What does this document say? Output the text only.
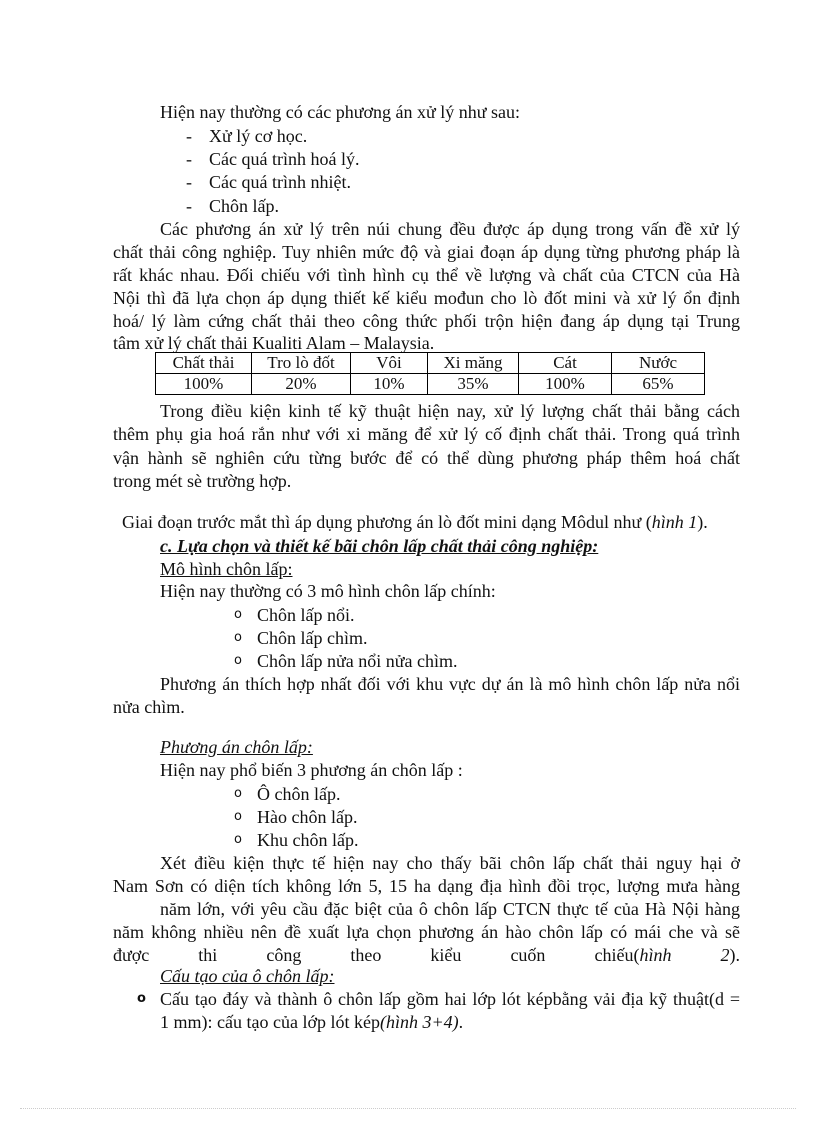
Hiện nay thường có các phương án xử lý như sau:
- Xử lý cơ học.
- Các quá trình hoá lý.
- Các quá trình nhiệt.
- Chôn lấp.
Các phương án xử lý trên núi chung đều được áp dụng trong vấn đề xử lý
chất thải công nghiệp. Tuy nhiên mức độ và giai đoạn áp dụng từng phương pháp là
rất khác nhau. Đối chiếu với tình hình cụ thể về lượng và chất của CTCN của Hà
Nội thì đã lựa chọn áp dụng thiết kế kiểu mođun cho lò đốt mini và xử lý ổn định
hoá/ lý làm cứng chất thải theo công thức phối trộn hiện đang áp dụng tại Trung
tâm xử lý chất thải Kualiti Alam – Malaysia.
Chất thải	Tro lò đốt	Vôi	Xi măng	Cát	Nước
100%	20%	10%	35%	100%	65%
Trong điều kiện kinh tế kỹ thuật hiện nay, xử lý lượng chất thải bằng cách
thêm phụ gia hoá rắn như với xi măng để xử lý cố định chất thải. Trong quá trình
vận hành sẽ nghiên cứu từng bước để có thể dùng phương pháp thêm hoá chất
trong mét sè trường hợp.
Giai đoạn trước mắt thì áp dụng phương án lò đốt mini dạng Môdul như (hình 1).
c. Lựa chọn và thiết kế bãi chôn lấp chất thải công nghiệp:
Mô hình chôn lấp:
Hiện nay thường có 3 mô hình chôn lấp chính:
o Chôn lấp nổi.
o Chôn lấp chìm.
o Chôn lấp nửa nổi nửa chìm.
Phương án thích hợp nhất đối với khu vực dự án là mô hình chôn lấp nửa nổi
nửa chìm.
Phương án chôn lấp:
Hiện nay phổ biến 3 phương án chôn lấp :
o Ô chôn lấp.
o Hào chôn lấp.
o Khu chôn lấp.
Xét điều kiện thực tế hiện nay cho thấy bãi chôn lấp chất thải nguy hại ở
Nam Sơn có diện tích không lớn 5, 15 ha dạng địa hình đồi trọc, lượng mưa hàng
năm lớn, với yêu cầu đặc biệt của ô chôn lấp CTCN thực tế của Hà Nội hàng
năm không nhiều nên đề xuất lựa chọn phương án hào chôn lấp có mái che và sẽ
được	thi	công	theo	kiểu	cuốn	chiếu(hình	2).
Cấu tạo của ô chôn lấp:
o Cấu tạo đáy và thành ô chôn lấp gồm hai lớp lót képbằng vải địa kỹ thuật(d =
1 mm): cấu tạo của lớp lót kép(hình 3+4).
